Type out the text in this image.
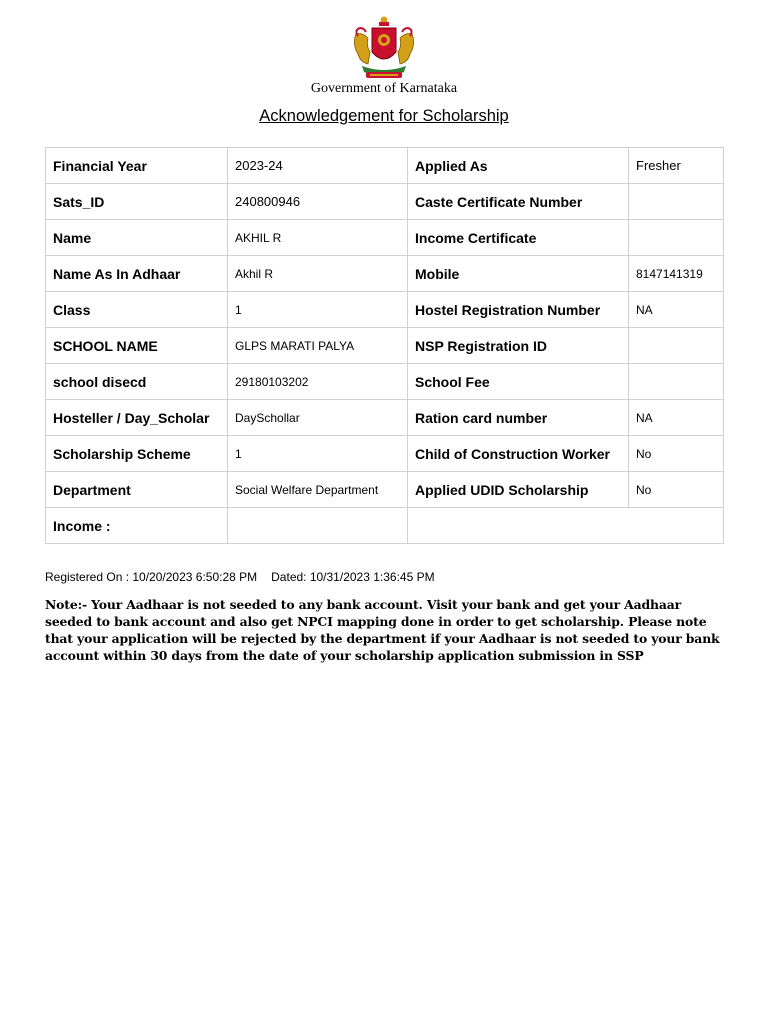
Government of Karnataka
Acknowledgement for Scholarship
Financial Year	2023-24	Applied As	Fresher
Sats_ID	240800946	Caste Certificate Number	
Name	AKHIL R	Income Certificate	
Name As In Adhaar	Akhil R	Mobile	8147141319
Class	1	Hostel Registration Number	NA
SCHOOL NAME	GLPS MARATI PALYA	NSP Registration ID	
school disecd	29180103202	School Fee	
Hosteller / Day_Scholar	DaySchollar	Ration card number	NA
Scholarship Scheme	1	Child of Construction Worker	No
Department	Social Welfare Department	Applied UDID Scholarship	No
Income :			
Registered On : 10/20/2023 6:50:28 PM Dated: 10/31/2023 1:36:45 PM
Note:- Your Aadhaar is not seeded to any bank account. Visit your bank and get your Aadhaar seeded to bank account and also get NPCI mapping done in order to get scholarship. Please note that your application will be rejected by the department if your Aadhaar is not seeded to your bank account within 30 days from the date of your scholarship application submission in SSP
